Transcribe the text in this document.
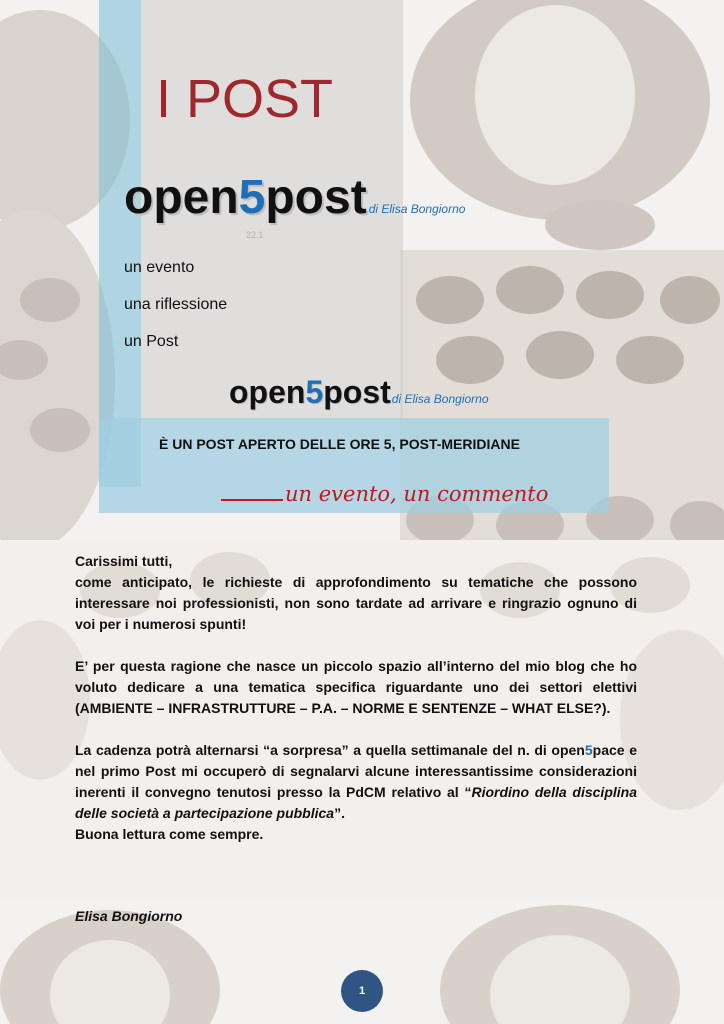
I POST
open5post di Elisa Bongiorno
22.1
un evento
una riflessione
un Post
open5postdi Elisa Bongiorno
È UN POST APERTO DELLE ORE 5, POST-MERIDIANE
un evento, un commento

Carissimi tutti,
come anticipato, le richieste di approfondimento su tematiche che possono interessare noi professionisti, non sono tardate ad arrivare e ringrazio ognuno di voi per i numerosi spunti!

E’ per questa ragione che nasce un piccolo spazio all’interno del mio blog che ho voluto dedicare a una tematica specifica riguardante uno dei settori elettivi (AMBIENTE – INFRASTRUTTURE – P.A. – NORME E SENTENZE – WHAT ELSE?).

La cadenza potrà alternarsi “a sorpresa” a quella settimanale del n. di open5pace e nel primo Post mi occuperò di segnalarvi alcune interessantissime considerazioni inerenti il convegno tenutosi presso la PdCM relativo al “Riordino della disciplina delle società a partecipazione pubblica”.
Buona lettura come sempre.

Elisa Bongiorno
1
